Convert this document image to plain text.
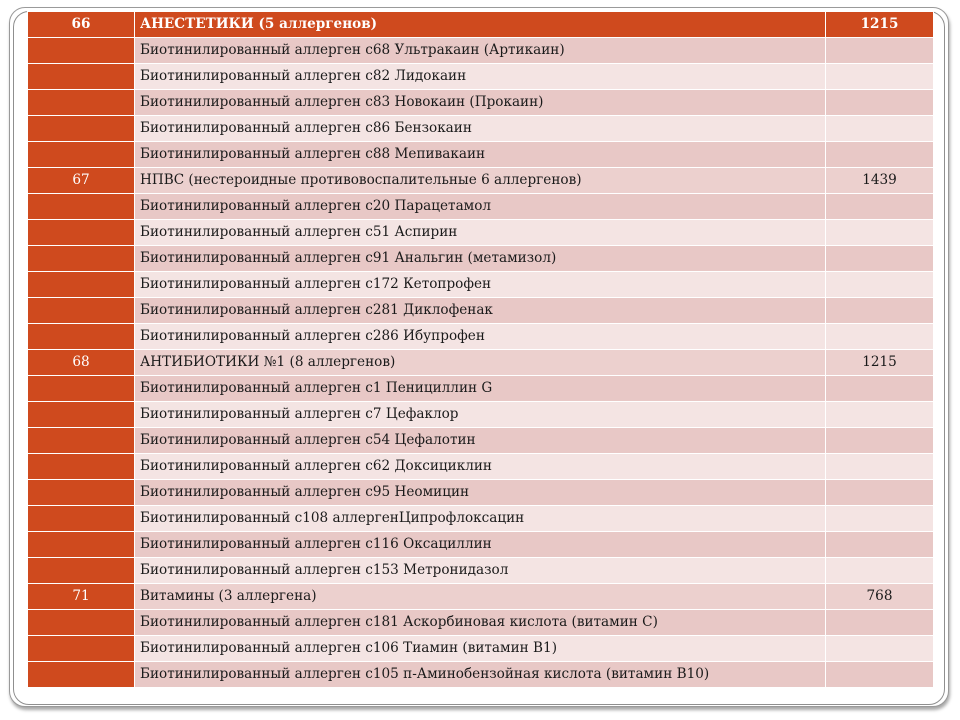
66	АНЕСТЕТИКИ (5 аллергенов)	1215
	Биотинилированный аллерген c68 Ультракаин (Артикаин)	
	Биотинилированный аллерген c82 Лидокаин	
	Биотинилированный аллерген c83 Новокаин (Прокаин)	
	Биотинилированный аллерген c86 Бензокаин	
	Биотинилированный аллерген c88 Мепивакаин	
67	НПВС (нестероидные противовоспалительные 6 аллергенов)	1439
	Биотинилированный аллерген c20 Парацетамол	
	Биотинилированный аллерген c51 Аспирин	
	Биотинилированный аллерген c91 Анальгин (метамизол)	
	Биотинилированный аллерген c172 Кетопрофен	
	Биотинилированный аллерген c281 Диклофенак	
	Биотинилированный аллерген c286 Ибупрофен	
68	АНТИБИОТИКИ №1 (8 аллергенов)	1215
	Биотинилированный аллерген c1 Пенициллин G	
	Биотинилированный аллерген c7 Цефаклор	
	Биотинилированный аллерген c54 Цефалотин	
	Биотинилированный аллерген c62 Доксициклин	
	Биотинилированный аллерген c95 Неомицин	
	Биотинилированный c108 аллергенЦипрофлоксацин	
	Биотинилированный аллерген c116 Оксациллин	
	Биотинилированный аллерген c153 Метронидазол	
71	Витамины (3 аллергена)	768
	Биотинилированный аллерген c181 Аскорбиновая кислота (витамин С)	
	Биотинилированный аллерген c106 Тиамин (витамин В1)	
	Биотинилированный аллерген c105 п-Аминобензойная кислота (витамин В10)	
